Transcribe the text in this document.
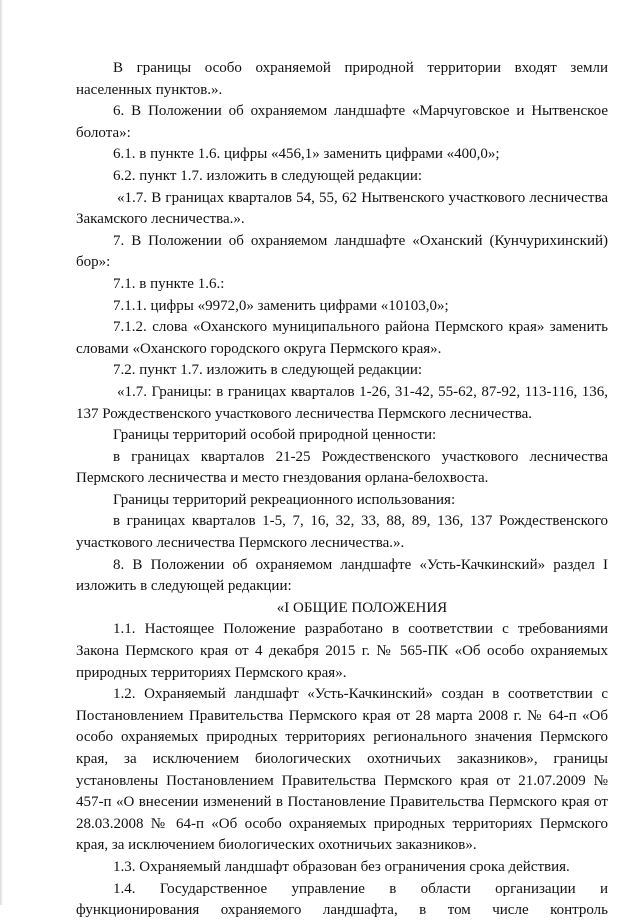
В границы особо охраняемой природной территории входят земли населенных пунктов.».

6. В Положении об охраняемом ландшафте «Марчуговское и Нытвенское болота»:

6.1. в пункте 1.6. цифры «456,1» заменить цифрами «400,0»;

6.2. пункт 1.7. изложить в следующей редакции:

«1.7. В границах кварталов 54, 55, 62 Нытвенского участкового лесничества Закамского лесничества.».

7. В Положении об охраняемом ландшафте «Оханский (Кунчурихинский) бор»:

7.1. в пункте 1.6.:

7.1.1. цифры «9972,0» заменить цифрами «10103,0»;

7.1.2. слова «Оханского муниципального района Пермского края» заменить словами «Оханского городского округа Пермского края».

7.2. пункт 1.7. изложить в следующей редакции:

«1.7. Границы: в границах кварталов 1-26, 31-42, 55-62, 87-92, 113-116, 136, 137 Рождественского участкового лесничества Пермского лесничества.

Границы территорий особой природной ценности:

в границах кварталов 21-25 Рождественского участкового лесничества Пермского лесничества и место гнездования орлана-белохвоста.

Границы территорий рекреационного использования:

в границах кварталов 1-5, 7, 16, 32, 33, 88, 89, 136, 137 Рождественского участкового лесничества Пермского лесничества.».

8. В Положении об охраняемом ландшафте «Усть-Качкинский» раздел I изложить в следующей редакции:

«I ОБЩИЕ ПОЛОЖЕНИЯ

1.1. Настоящее Положение разработано в соответствии с требованиями Закона Пермского края от 4 декабря 2015 г. № 565-ПК «Об особо охраняемых природных территориях Пермского края».

1.2. Охраняемый ландшафт «Усть-Качкинский» создан в соответствии с Постановлением Правительства Пермского края от 28 марта 2008 г. № 64-п «Об особо охраняемых природных территориях регионального значения Пермского края, за исключением биологических охотничьих заказников», границы установлены Постановлением Правительства Пермского края от 21.07.2009 № 457-п «О внесении изменений в Постановление Правительства Пермского края от 28.03.2008 № 64-п «Об особо охраняемых природных территориях Пермского края, за исключением биологических охотничьих заказников».

1.3. Охраняемый ландшафт образован без ограничения срока действия.

1.4. Государственное управление в области организации и функционирования охраняемого ландшафта, в том числе контроль
